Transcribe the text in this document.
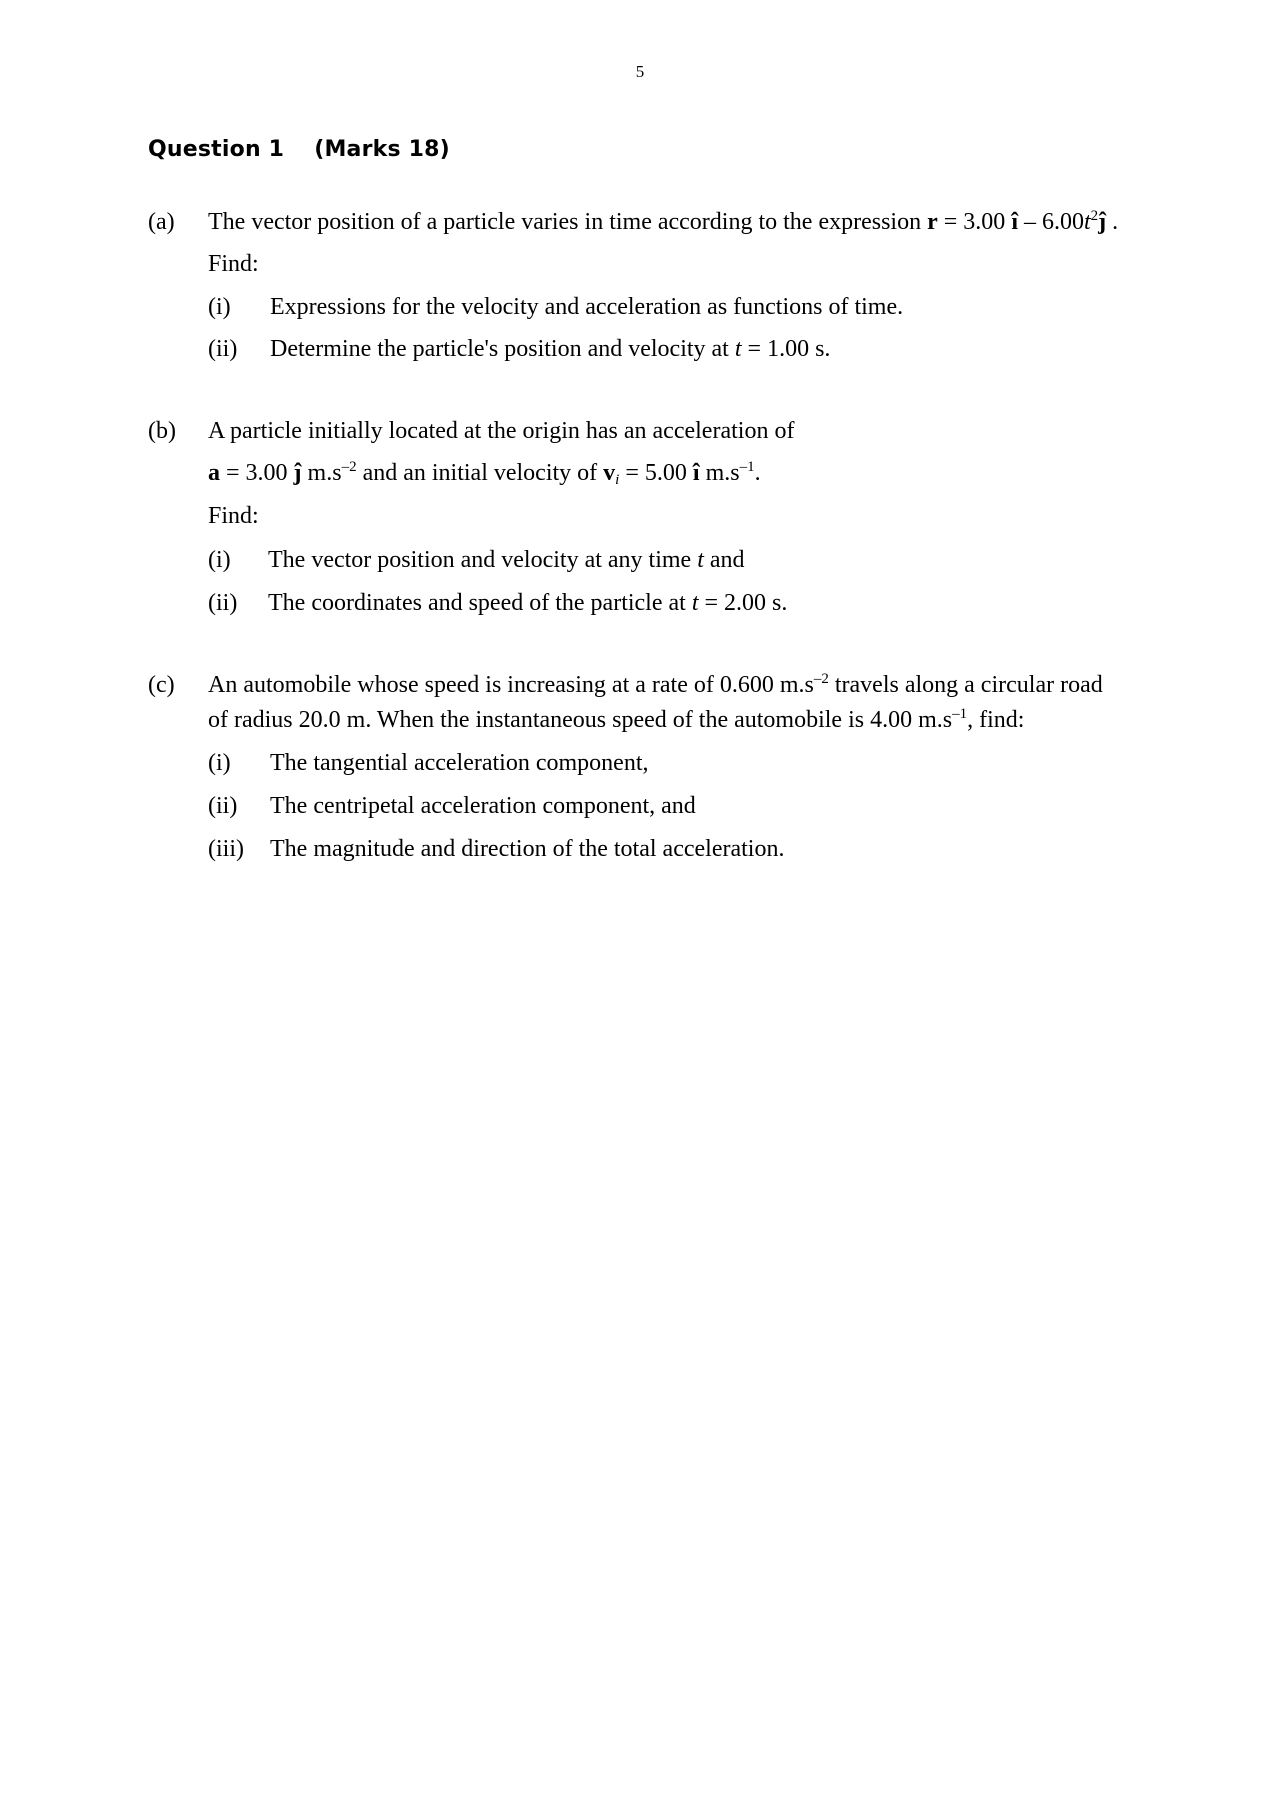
5
Question 1 (Marks 18)
(a) The vector position of a particle varies in time according to the expression r = 3.00 î – $6.00t^2ĵ$ .
Find:
(i) Expressions for the velocity and acceleration as functions of time.
(ii) Determine the particle's position and velocity at t = 1.00 s.
(b) A particle initially located at the origin has an acceleration of
a = 3.00 ĵ $m.s^{-2}$ and an initial velocity of $v_i = 5.00$ î $m.s^{-1}$.
Find:
(i) The vector position and velocity at any time t and
(ii) The coordinates and speed of the particle at t = 2.00 s.
(c) An automobile whose speed is increasing at a rate of 0.600 $m.s^{-2}$ travels along a circular road
of radius 20.0 m. When the instantaneous speed of the automobile is 4.00 $m.s^{-1}$, find:
(i) The tangential acceleration component,
(ii) The centripetal acceleration component, and
(iii) The magnitude and direction of the total acceleration.
